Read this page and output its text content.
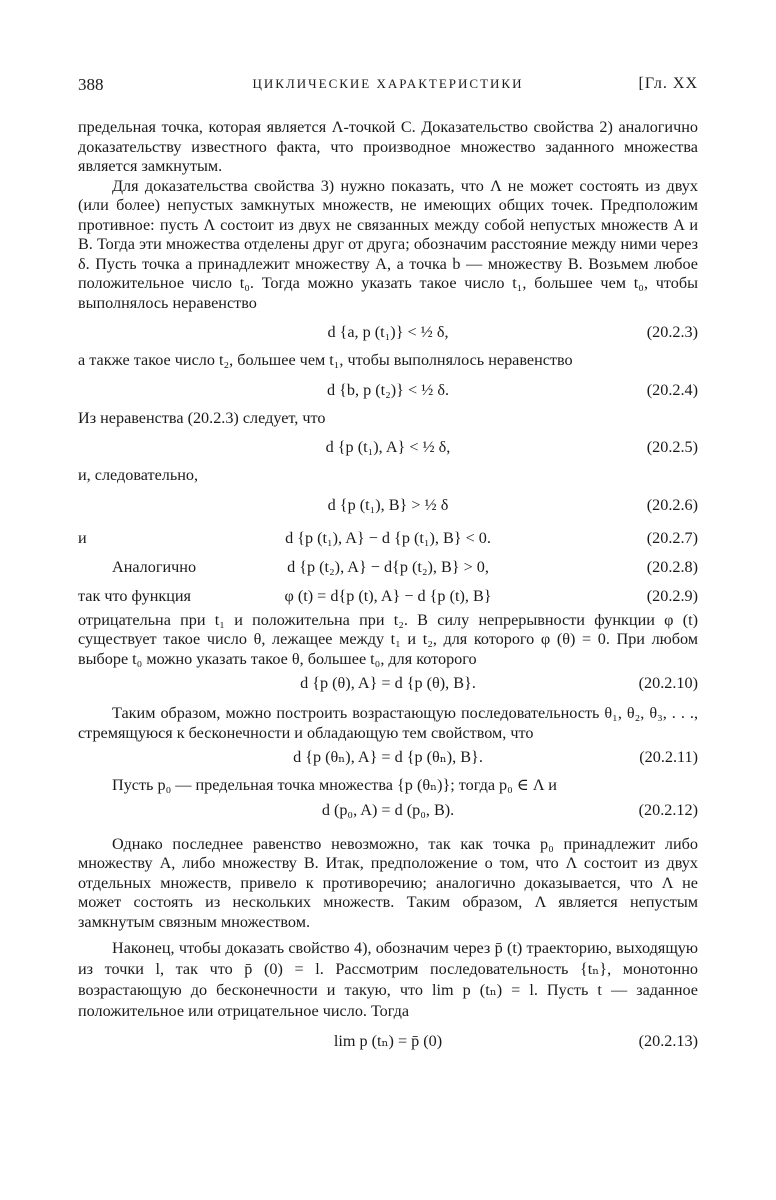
388	ЦИКЛИЧЕСКИЕ ХАРАКТЕРИСТИКИ	[Гл. XX

предельная точка, которая является Λ-точкой C. Доказательство свойства 2) аналогично доказательству известного факта, что производное множество заданного множества является замкнутым.

Для доказательства свойства 3) нужно показать, что Λ не может состоять из двух (или более) непустых замкнутых множеств, не имеющих общих точек. Предположим противное: пусть Λ состоит из двух не связанных между собой непустых множеств A и B. Тогда эти множества отделены друг от друга; обозначим расстояние между ними через δ. Пусть точка a принадлежит множеству A, а точка b — множеству B. Возьмем любое положительное число t₀. Тогда можно указать такое число t₁, большее чем t₀, чтобы выполнялось неравенство

d {a, p (t₁)} < ½ δ,	(20.2.3)

а также такое число t₂, большее чем t₁, чтобы выполнялось неравенство

d {b, p (t₂)} < ½ δ.	(20.2.4)

Из неравенства (20.2.3) следует, что

d {p (t₁), A} < ½ δ,	(20.2.5)

и, следовательно,

d {p (t₁), B} > ½ δ	(20.2.6)
и	d {p (t₁), A} − d {p (t₁), B} < 0.	(20.2.7)
Аналогично	d {p (t₂), A} − d{p (t₂), B} > 0,	(20.2.8)
так что функция	φ (t) = d{p (t), A} − d {p (t), B}	(20.2.9)

отрицательна при t₁ и положительна при t₂. В силу непрерывности функции φ (t) существует такое число θ, лежащее между t₁ и t₂, для которого φ (θ) = 0. При любом выборе t₀ можно указать такое θ, большее t₀, для которого

d {p (θ), A} = d {p (θ), B}.	(20.2.10)

Таким образом, можно построить возрастающую последовательность θ₁, θ₂, θ₃, . . ., стремящуюся к бесконечности и обладающую тем свойством, что

d {p (θₙ), A} = d {p (θₙ), B}.	(20.2.11)

Пусть p₀ — предельная точка множества {p (θₙ)}; тогда p₀ ∈ Λ и

d (p₀, A) = d (p₀, B).	(20.2.12)

Однако последнее равенство невозможно, так как точка p₀ принадлежит либо множеству A, либо множеству B. Итак, предположение о том, что Λ состоит из двух отдельных множеств, привело к противоречию; аналогично доказывается, что Λ не может состоять из нескольких множеств. Таким образом, Λ является непустым замкнутым связным множеством.

Наконец, чтобы доказать свойство 4), обозначим через p̄ (t) траекторию, выходящую из точки l, так что p̄ (0) = l. Рассмотрим последовательность {tₙ}, монотонно возрастающую до бесконечности и такую, что lim p (tₙ) = l. Пусть t — заданное положительное или отрицательное число. Тогда

lim p (tₙ) = p̄ (0)	(20.2.13)
